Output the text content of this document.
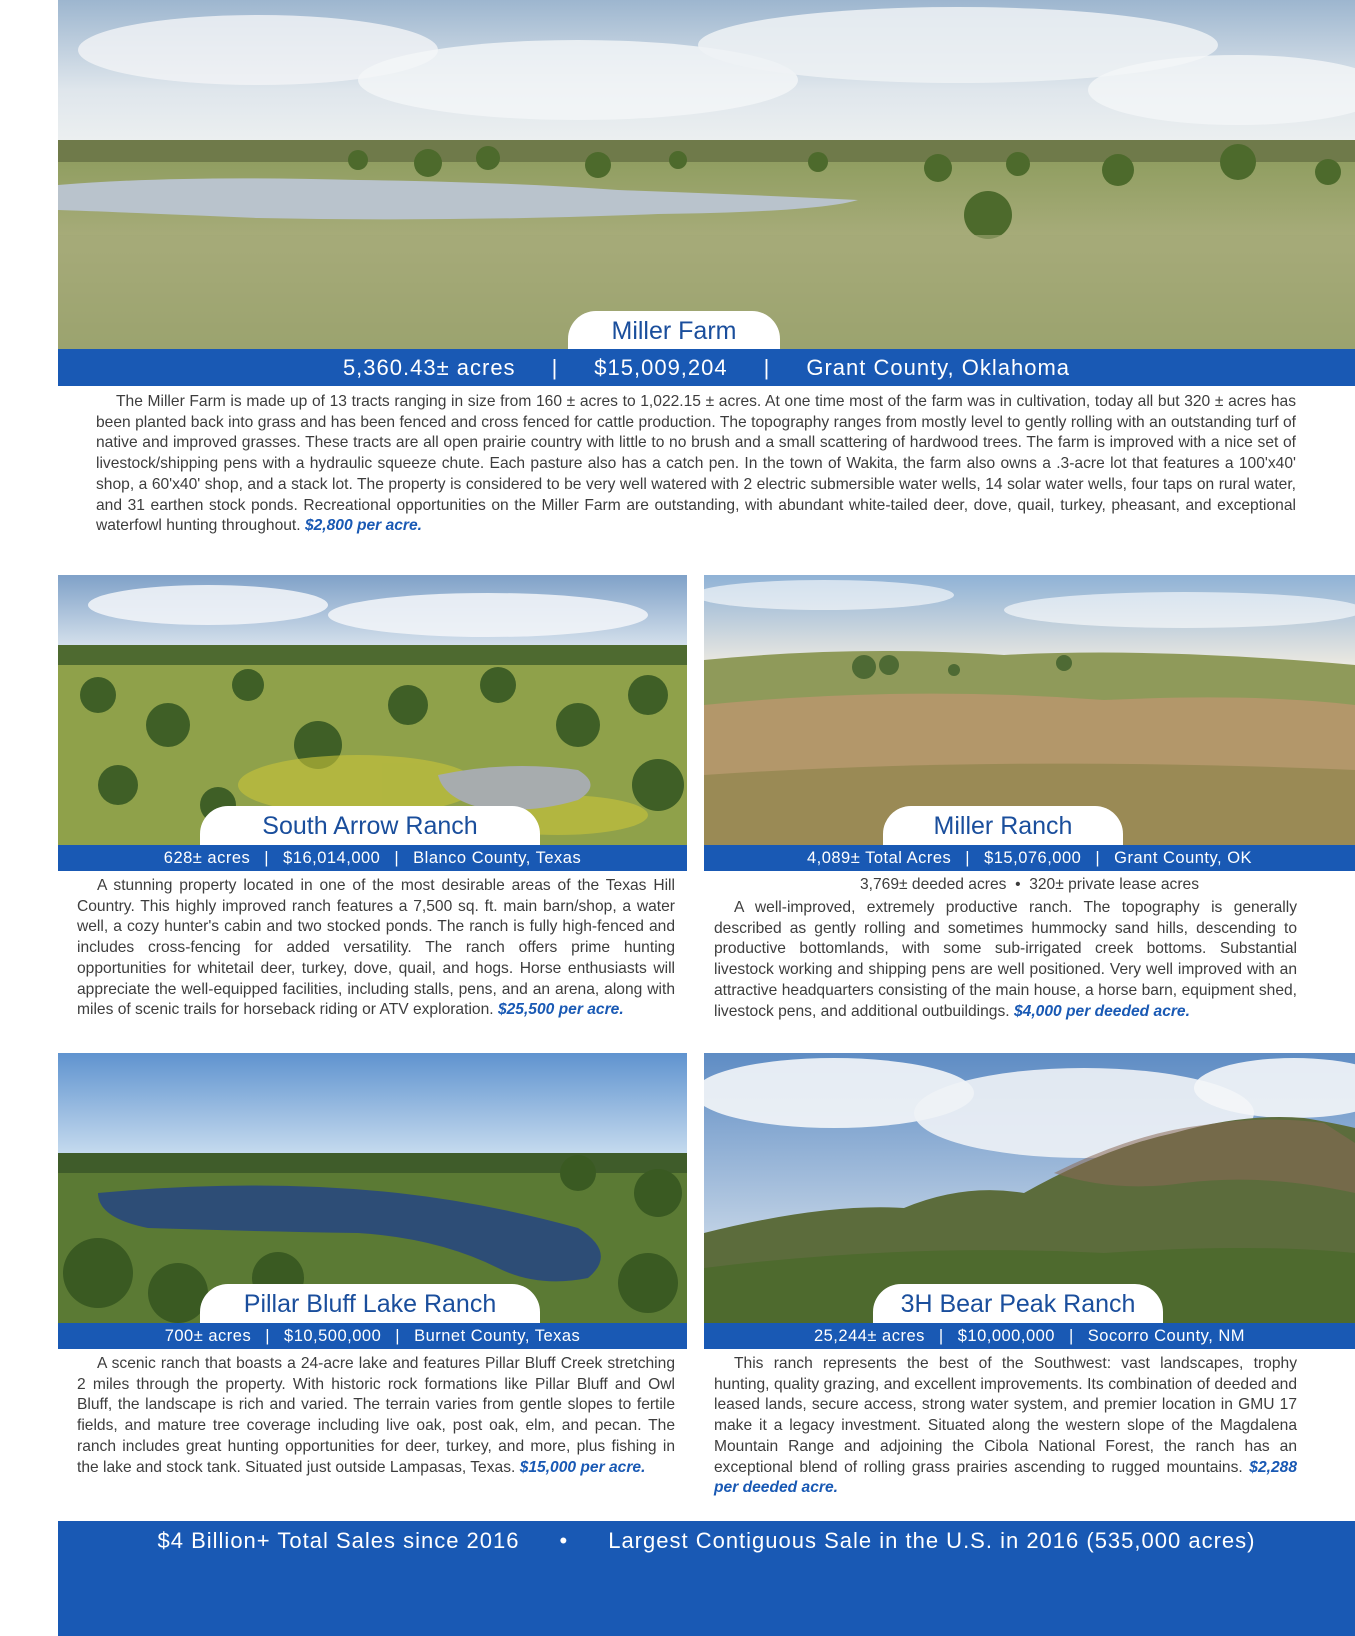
Miller Farm
5,360.43± acres | $15,009,204 | Grant County, Oklahoma
The Miller Farm is made up of 13 tracts ranging in size from 160 ± acres to 1,022.15 ± acres. At one time most of the farm was in cultivation, today all but 320 ± acres has been planted back into grass and has been fenced and cross fenced for cattle production. The topography ranges from mostly level to gently rolling with an outstanding turf of native and improved grasses. These tracts are all open prairie country with little to no brush and a small scattering of hardwood trees. The farm is improved with a nice set of livestock/shipping pens with a hydraulic squeeze chute. Each pasture also has a catch pen. In the town of Wakita, the farm also owns a .3-acre lot that features a 100'x40' shop, a 60'x40' shop, and a stack lot. The property is considered to be very well watered with 2 electric submersible water wells, 14 solar water wells, four taps on rural water, and 31 earthen stock ponds. Recreational opportunities on the Miller Farm are outstanding, with abundant white-tailed deer, dove, quail, turkey, pheasant, and exceptional waterfowl hunting throughout. $2,800 per acre.
South Arrow Ranch
628± acres | $16,014,000 | Blanco County, Texas
A stunning property located in one of the most desirable areas of the Texas Hill Country. This highly improved ranch features a 7,500 sq. ft. main barn/shop, a water well, a cozy hunter's cabin and two stocked ponds. The ranch is fully high-fenced and includes cross-fencing for added versatility. The ranch offers prime hunting opportunities for whitetail deer, turkey, dove, quail, and hogs. Horse enthusiasts will appreciate the well-equipped facilities, including stalls, pens, and an arena, along with miles of scenic trails for horseback riding or ATV exploration. $25,500 per acre.
Miller Ranch
4,089± Total Acres | $15,076,000 | Grant County, OK
3,769± deeded acres  •  320± private lease acres
A well-improved, extremely productive ranch. The topography is generally described as gently rolling and sometimes hummocky sand hills, descending to productive bottomlands, with some sub-irrigated creek bottoms. Substantial livestock working and shipping pens are well positioned. Very well improved with an attractive headquarters consisting of the main house, a horse barn, equipment shed, livestock pens, and additional outbuildings. $4,000 per deeded acre.
Pillar Bluff Lake Ranch
700± acres | $10,500,000 | Burnet County, Texas
A scenic ranch that boasts a 24-acre lake and features Pillar Bluff Creek stretching 2 miles through the property. With historic rock formations like Pillar Bluff and Owl Bluff, the landscape is rich and varied. The terrain varies from gentle slopes to fertile fields, and mature tree coverage including live oak, post oak, elm, and pecan. The ranch includes great hunting opportunities for deer, turkey, and more, plus fishing in the lake and stock tank. Situated just outside Lampasas, Texas. $15,000 per acre.
3H Bear Peak Ranch
25,244± acres | $10,000,000 | Socorro County, NM
This ranch represents the best of the Southwest: vast landscapes, trophy hunting, quality grazing, and excellent improvements. Its combination of deeded and leased lands, secure access, strong water system, and premier location in GMU 17 make it a legacy investment. Situated along the western slope of the Magdalena Mountain Range and adjoining the Cibola National Forest, the ranch has an exceptional blend of rolling grass prairies ascending to rugged mountains. $2,288 per deeded acre.
$4 Billion+ Total Sales since 2016 • Largest Contiguous Sale in the U.S. in 2016 (535,000 acres)
